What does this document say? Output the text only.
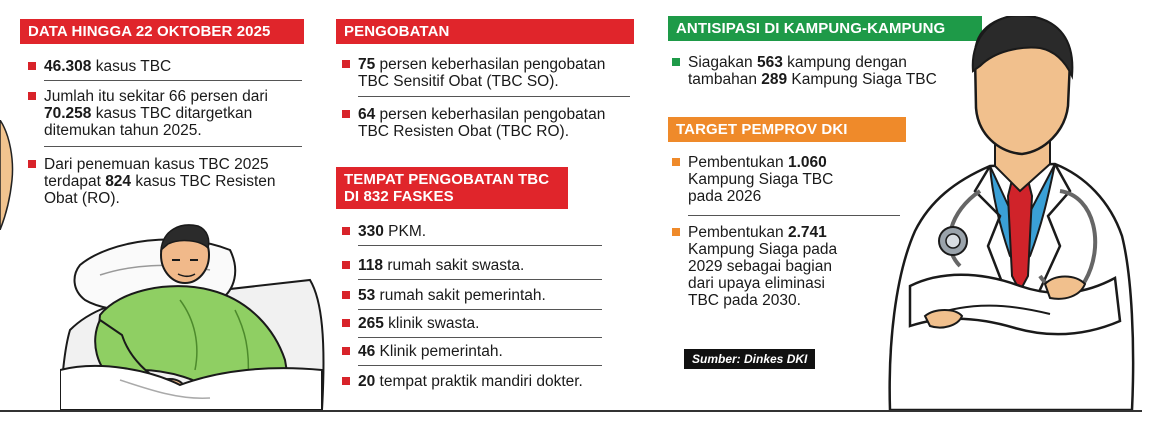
DATA HINGGA 22 OKTOBER 2025
46.308 kasus TBC
Jumlah itu sekitar 66 persen dari
70.258 kasus TBC ditargetkan
ditemukan tahun 2025.
Dari penemuan kasus TBC 2025
terdapat 824 kasus TBC Resisten
Obat (RO).
PENGOBATAN
75 persen keberhasilan pengobatan
TBC Sensitif Obat (TBC SO).
64 persen keberhasilan pengobatan
TBC Resisten Obat (TBC RO).
TEMPAT PENGOBATAN TBC
DI 832 FASKES
330 PKM.
118 rumah sakit swasta.
53 rumah sakit pemerintah.
265 klinik swasta.
46 Klinik pemerintah.
20 tempat praktik mandiri dokter.
ANTISIPASI DI KAMPUNG-KAMPUNG
Siagakan 563 kampung dengan
tambahan 289 Kampung Siaga TBC
TARGET PEMPROV DKI
Pembentukan 1.060
Kampung Siaga TBC
pada 2026
Pembentukan 2.741
Kampung Siaga pada
2029 sebagai bagian
dari upaya eliminasi
TBC pada 2030.
Sumber: Dinkes DKI
